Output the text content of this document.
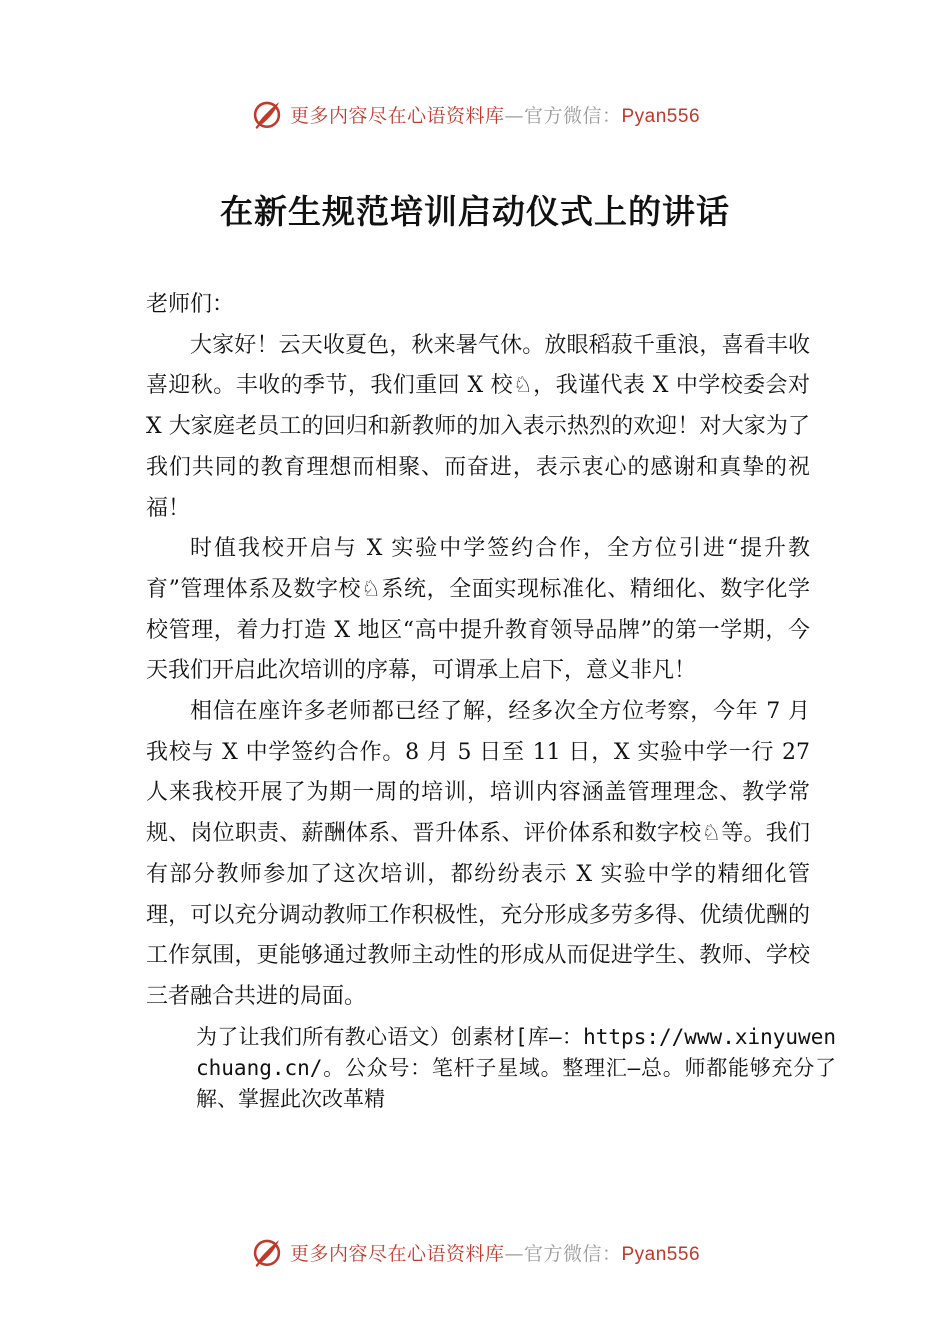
更多内容尽在心语资料库—官方微信：Pyan556
在新生规范培训启动仪式上的讲话

老师们：

大家好！云天收夏色，秋来暑气休。放眼稻菽千重浪，喜看丰收喜迎秋。丰收的季节，我们重回 X 校♘，我谨代表 X 中学校委会对 X 大家庭老员工的回归和新教师的加入表示热烈的欢迎！对大家为了我们共同的教育理想而相聚、而奋进，表示衷心的感谢和真挚的祝福！

时值我校开启与 X 实验中学签约合作，全方位引进“提升教育”管理体系及数字校♘系统，全面实现标准化、精细化、数字化学校管理，着力打造 X 地区“高中提升教育领导品牌”的第一学期，今天我们开启此次培训的序幕，可谓承上启下，意义非凡！

相信在座许多老师都已经了解，经多次全方位考察，今年 7 月我校与 X 中学签约合作。8 月 5 日至 11 日，X 实验中学一行 27 人来我校开展了为期一周的培训，培训内容涵盖管理理念、教学常规、岗位职责、薪酬体系、晋升体系、评价体系和数字校♘等。我们有部分教师参加了这次培训，都纷纷表示 X 实验中学的精细化管理，可以充分调动教师工作积极性，充分形成多劳多得、优绩优酬的工作氛围，更能够通过教师主动性的形成从而促进学生、教师、学校三者融合共进的局面。

为了让我们所有教心语文）创素材[库—：https://www.xinyuwenchuang.cn/。公众号：笔杆子星域。整理汇—总。师都能够充分了解、掌握此次改革精

更多内容尽在心语资料库—官方微信：Pyan556
